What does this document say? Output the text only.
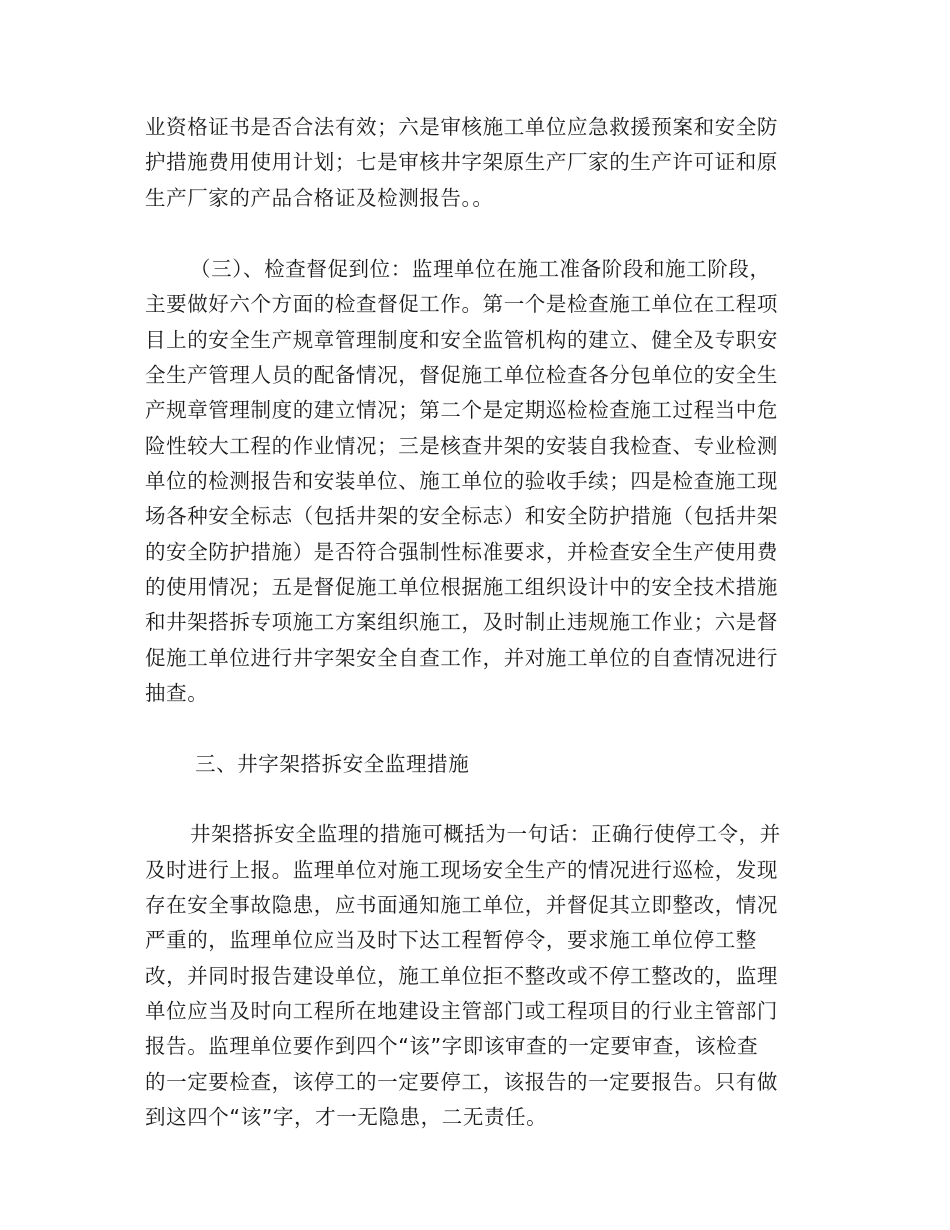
业资格证书是否合法有效；六是审核施工单位应急救援预案和安全防

护措施费用使用计划；七是审核井字架原生产厂家的生产许可证和原

生产厂家的产品合格证及检测报告。。

（三）、检查督促到位：监理单位在施工准备阶段和施工阶段，

主要做好六个方面的检查督促工作。第一个是检查施工单位在工程项

目上的安全生产规章管理制度和安全监管机构的建立、健全及专职安

全生产管理人员的配备情况，督促施工单位检查各分包单位的安全生

产规章管理制度的建立情况；第二个是定期巡检检查施工过程当中危

险性较大工程的作业情况；三是核查井架的安装自我检查、专业检测

单位的检测报告和安装单位、施工单位的验收手续；四是检查施工现

场各种安全标志（包括井架的安全标志）和安全防护措施（包括井架

的安全防护措施）是否符合强制性标准要求，并检查安全生产使用费

的使用情况；五是督促施工单位根据施工组织设计中的安全技术措施

和井架搭拆专项施工方案组织施工，及时制止违规施工作业；六是督

促施工单位进行井字架安全自查工作，并对施工单位的自查情况进行

抽查。

三、井字架搭拆安全监理措施

井架搭拆安全监理的措施可概括为一句话：正确行使停工令，并

及时进行上报。监理单位对施工现场安全生产的情况进行巡检，发现

存在安全事故隐患，应书面通知施工单位，并督促其立即整改，情况

严重的，监理单位应当及时下达工程暂停令，要求施工单位停工整

改，并同时报告建设单位，施工单位拒不整改或不停工整改的，监理

单位应当及时向工程所在地建设主管部门或工程项目的行业主管部门

报告。监理单位要作到四个“该”字即该审查的一定要审查，该检查

的一定要检查，该停工的一定要停工，该报告的一定要报告。只有做

到这四个“该”字，才一无隐患，二无责任。
